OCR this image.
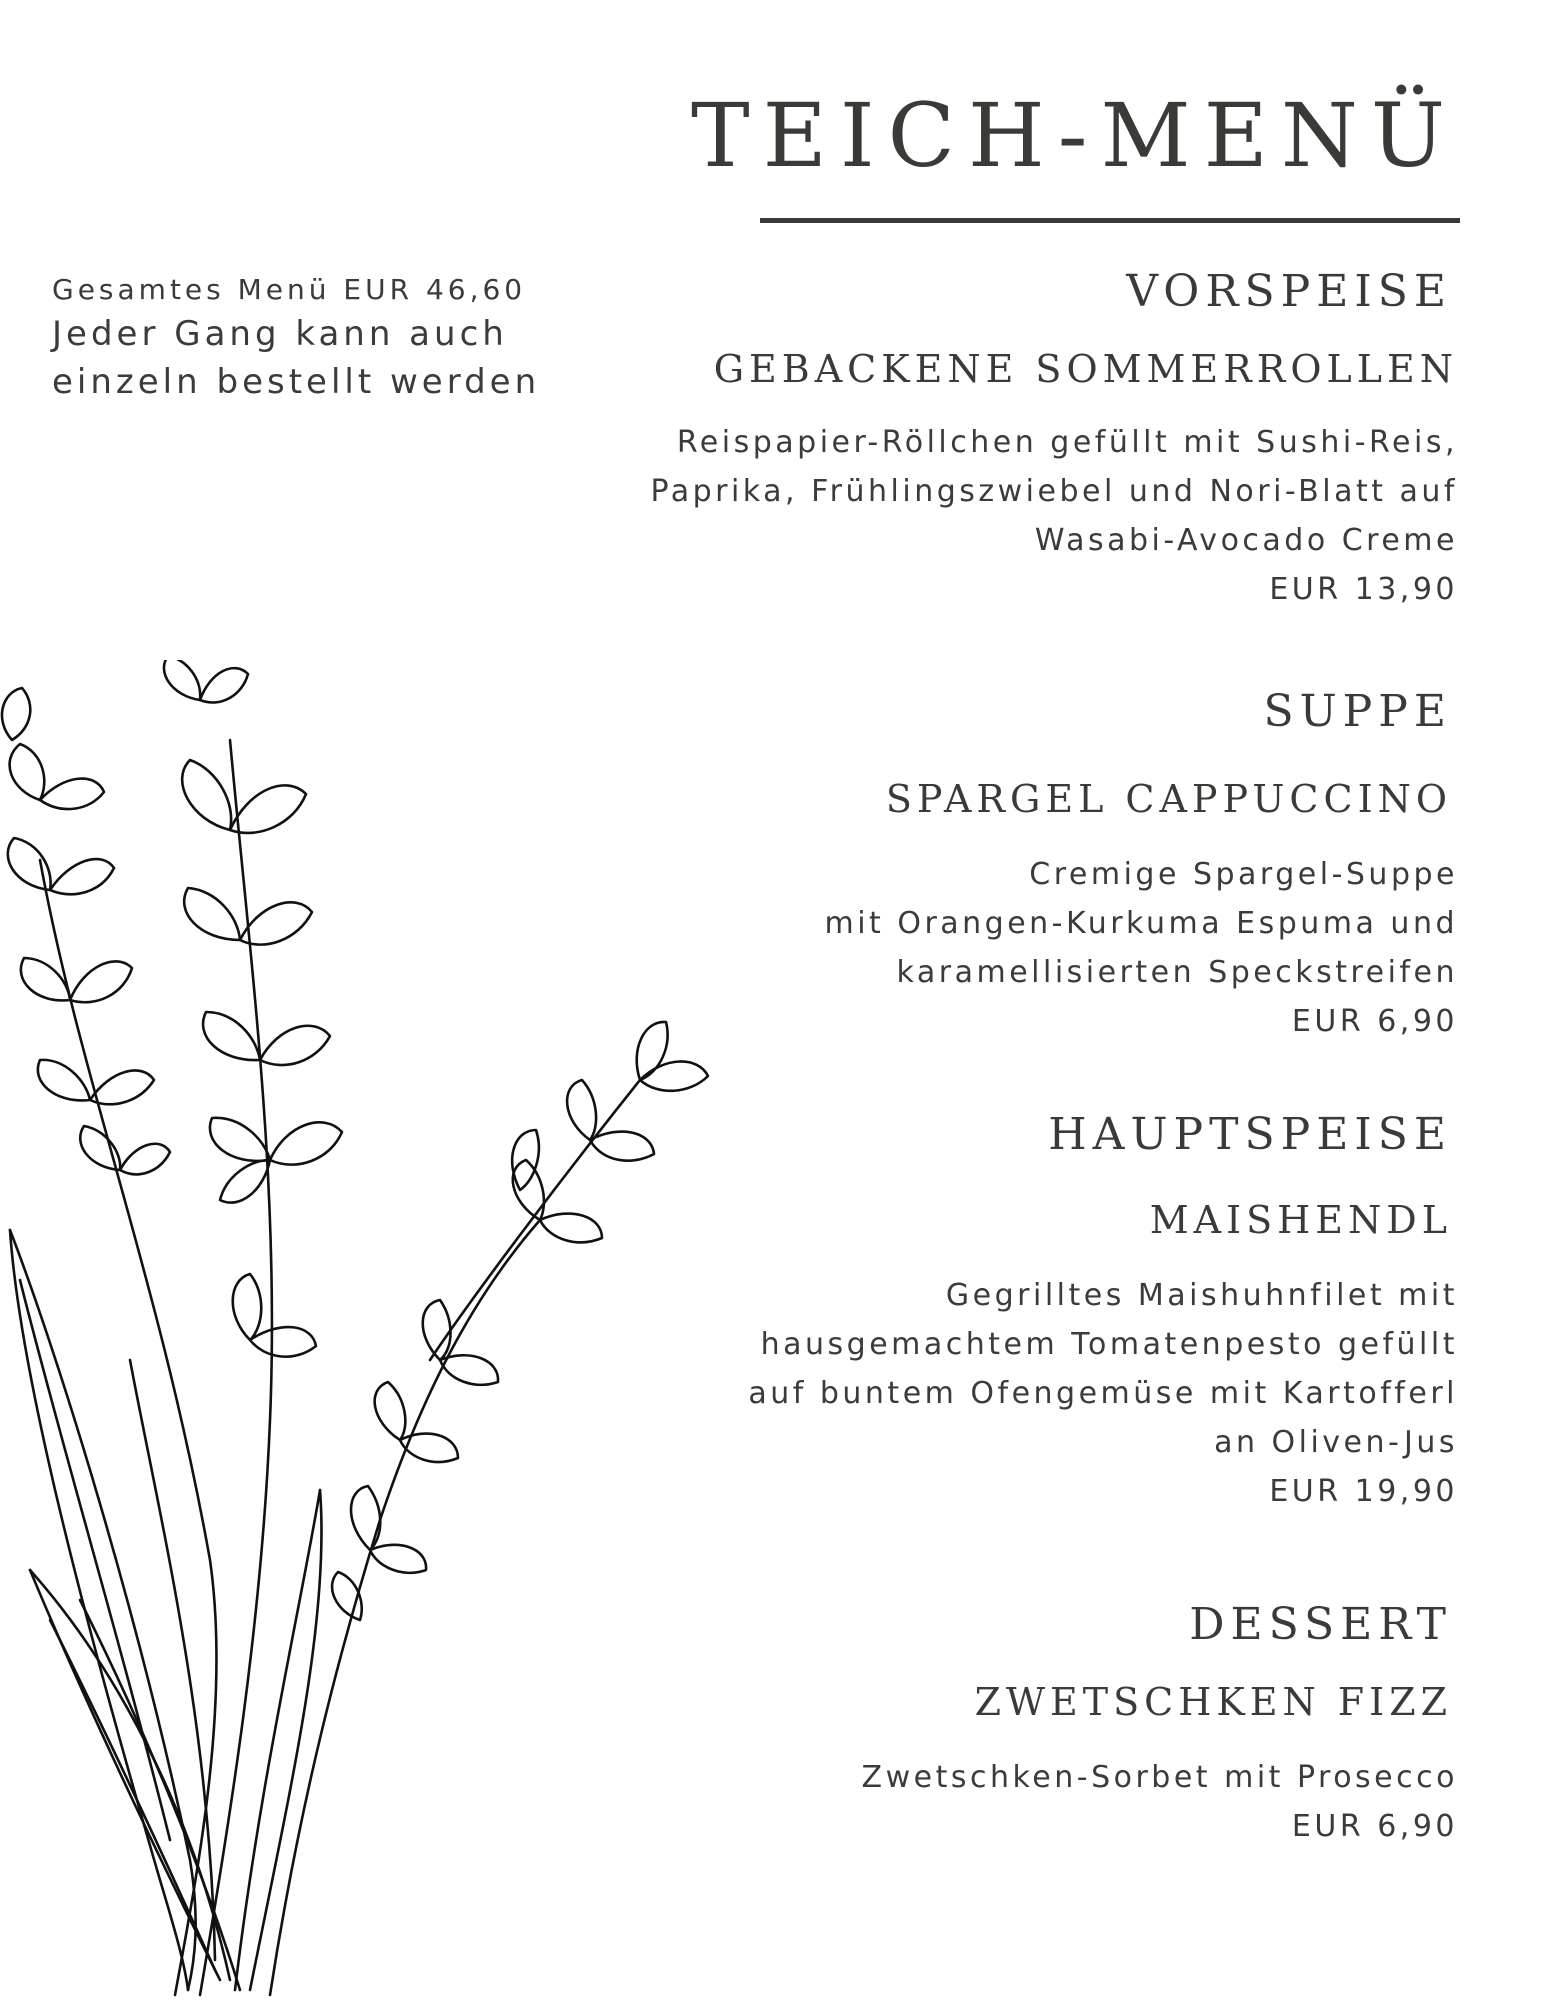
TEICH-MENÜ
Gesamtes Menü EUR 46,60
Jeder Gang kann auch
einzeln bestellt werden
VORSPEISE
GEBACKENE SOMMERROLLEN
Reispapier-Röllchen gefüllt mit Sushi-Reis,
Paprika, Frühlingszwiebel und Nori-Blatt auf
Wasabi-Avocado Creme
EUR 13,90
SUPPE
SPARGEL CAPPUCCINO
Cremige Spargel-Suppe
mit Orangen-Kurkuma Espuma und
karamellisierten Speckstreifen
EUR 6,90
HAUPTSPEISE
MAISHENDL
Gegrilltes Maishuhnfilet mit
hausgemachtem Tomatenpesto gefüllt
auf buntem Ofengemüse mit Kartofferl
an Oliven-Jus
EUR 19,90
DESSERT
ZWETSCHKEN FIZZ
Zwetschken-Sorbet mit Prosecco
EUR 6,90
